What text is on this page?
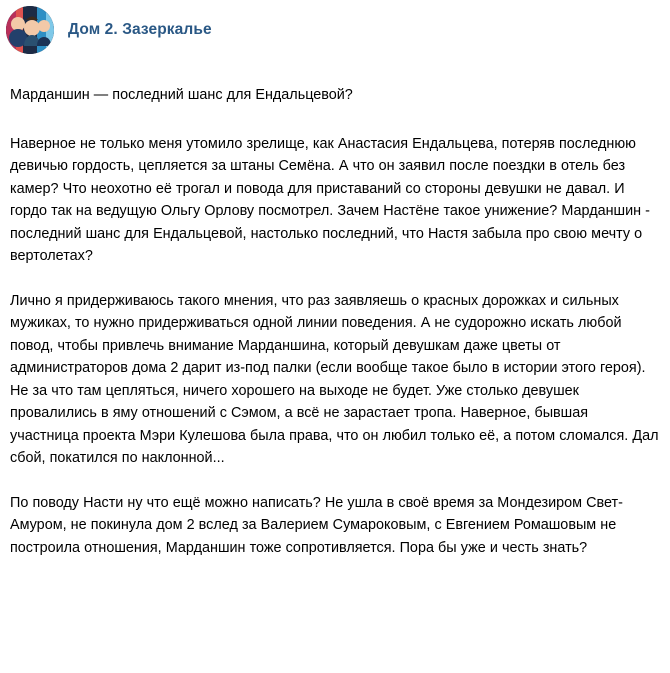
Дом 2. Зазеркалье

Марданшин — последний шанс для Ендальцевой?

Наверное не только меня утомило зрелище, как Анастасия Ендальцева, потеряв последнюю девичью гордость, цепляется за штаны Семёна. А что он заявил после поездки в отель без камер? Что неохотно её трогал и повода для приставаний со стороны девушки не давал. И гордо так на ведущую Ольгу Орлову посмотрел. Зачем Настёне такое унижение? Марданшин - последний шанс для Ендальцевой, настолько последний, что Настя забыла про свою мечту о вертолетах?

Лично я придерживаюсь такого мнения, что раз заявляешь о красных дорожках и сильных мужиках, то нужно придерживаться одной линии поведения. А не судорожно искать любой повод, чтобы привлечь внимание Марданшина, который девушкам даже цветы от администраторов дома 2 дарит из-под палки (если вообще такое было в истории этого героя). Не за что там цепляться, ничего хорошего на выходе не будет. Уже столько девушек провалились в яму отношений с Сэмом, а всё не зарастает тропа. Наверное, бывшая участница проекта Мэри Кулешова была права, что он любил только её, а потом сломался. Дал сбой, покатился по наклонной...

По поводу Насти ну что ещё можно написать? Не ушла в своё время за Мондезиром Свет-Амуром, не покинула дом 2 вслед за Валерием Сумароковым, с Евгением Ромашовым не построила отношения, Марданшин тоже сопротивляется. Пора бы уже и честь знать?
